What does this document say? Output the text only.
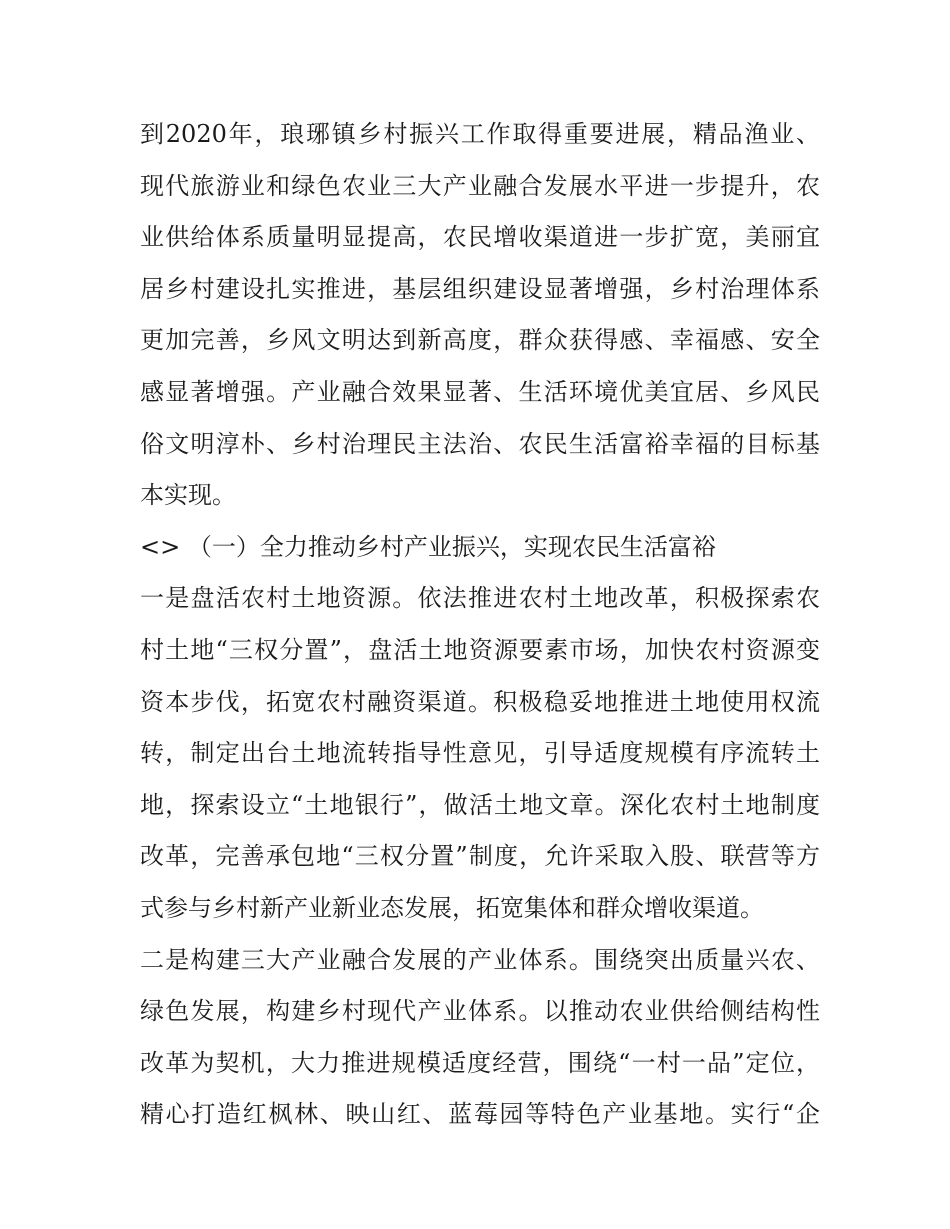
到2020年，琅琊镇乡村振兴工作取得重要进展，精品渔业、
现代旅游业和绿色农业三大产业融合发展水平进一步提升，农
业供给体系质量明显提高，农民增收渠道进一步扩宽，美丽宜
居乡村建设扎实推进，基层组织建设显著增强，乡村治理体系
更加完善，乡风文明达到新高度，群众获得感、幸福感、安全
感显著增强。产业融合效果显著、生活环境优美宜居、乡风民
俗文明淳朴、乡村治理民主法治、农民生活富裕幸福的目标基
本实现。
<> （一）全力推动乡村产业振兴，实现农民生活富裕
一是盘活农村土地资源。依法推进农村土地改革，积极探索农
村土地“三权分置”，盘活土地资源要素市场，加快农村资源变
资本步伐，拓宽农村融资渠道。积极稳妥地推进土地使用权流
转，制定出台土地流转指导性意见，引导适度规模有序流转土
地，探索设立“土地银行”，做活土地文章。深化农村土地制度
改革，完善承包地“三权分置”制度，允许采取入股、联营等方
式参与乡村新产业新业态发展，拓宽集体和群众增收渠道。
二是构建三大产业融合发展的产业体系。围绕突出质量兴农、
绿色发展，构建乡村现代产业体系。以推动农业供给侧结构性
改革为契机，大力推进规模适度经营，围绕“一村一品”定位，
精心打造红枫林、映山红、蓝莓园等特色产业基地。实行“企
